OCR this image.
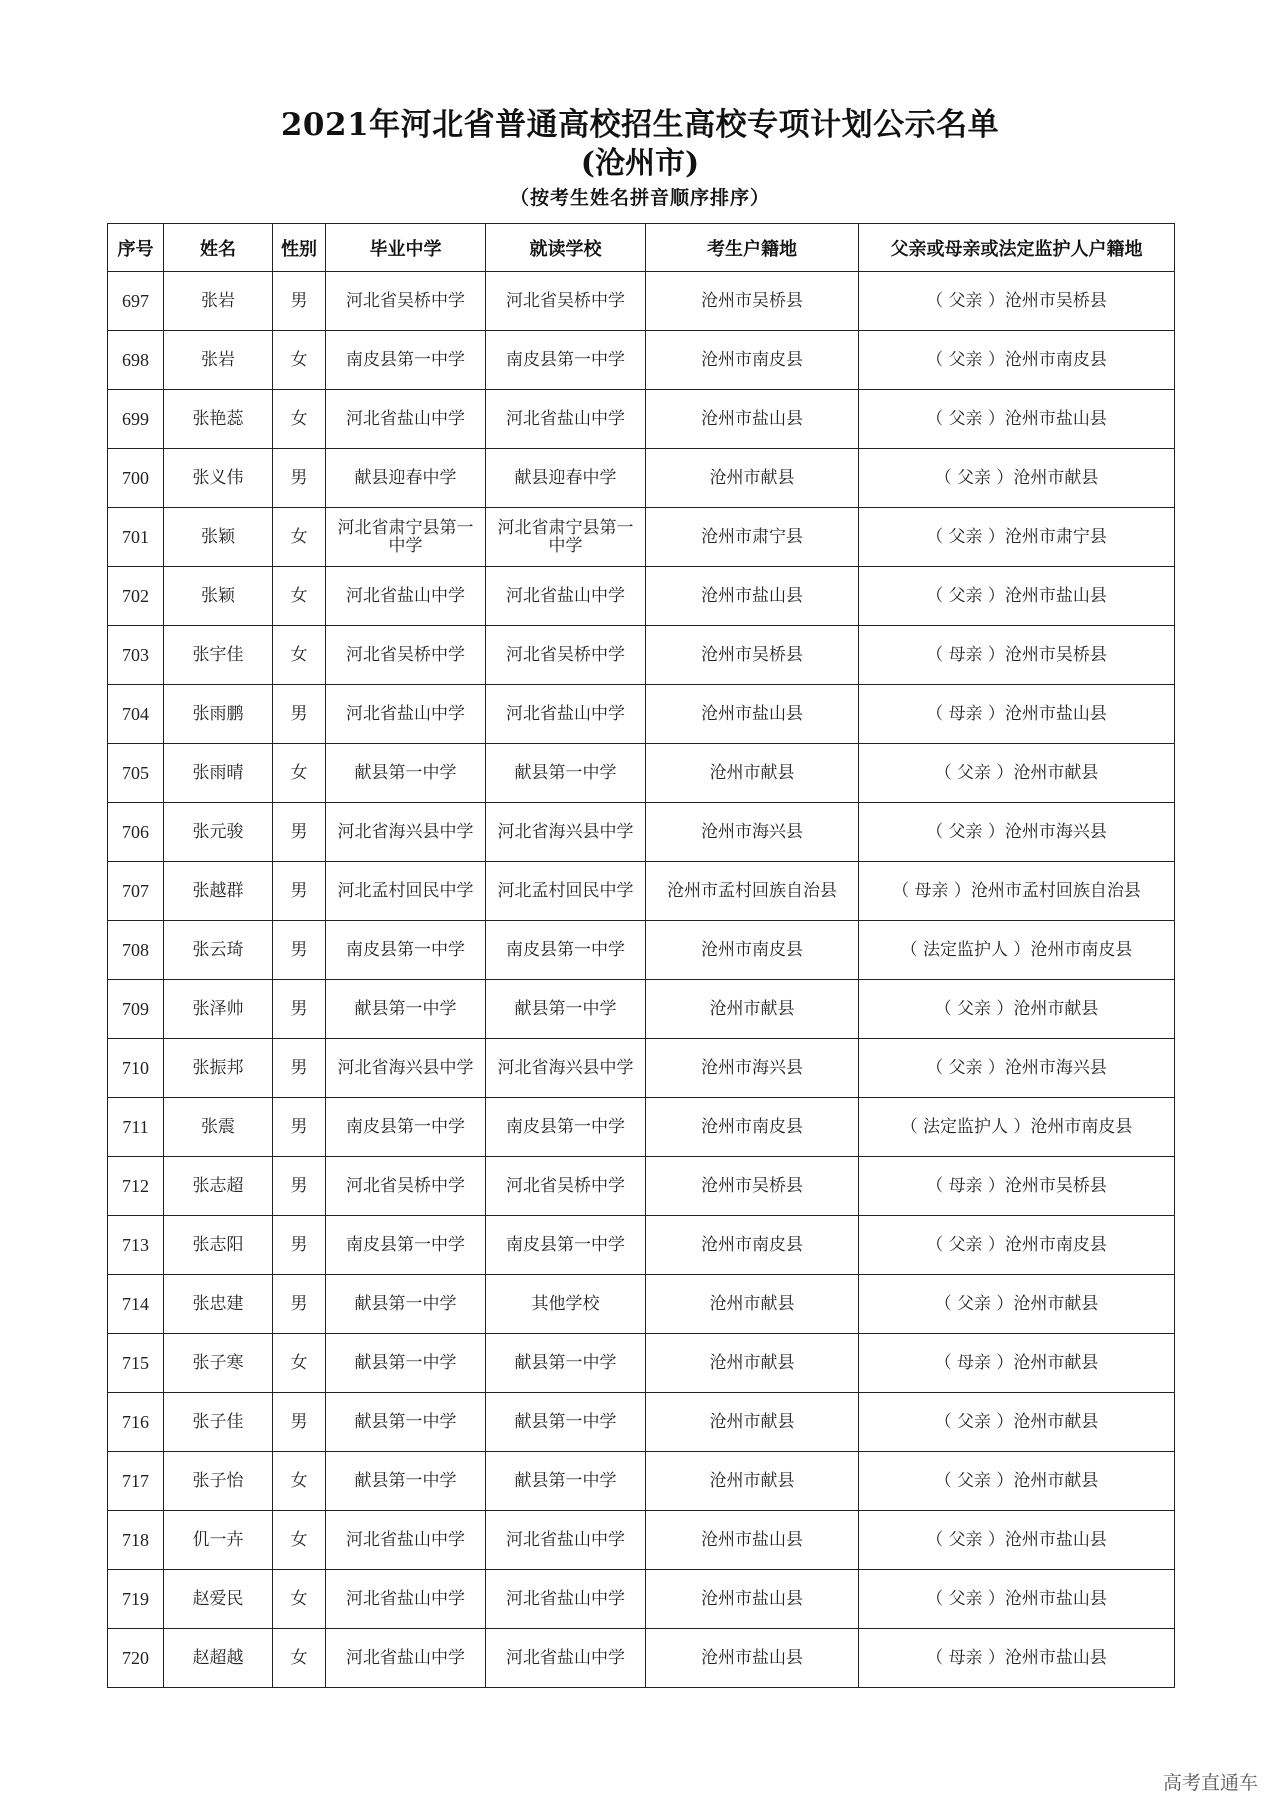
2021年河北省普通高校招生高校专项计划公示名单

(沧州市)

（按考生姓名拼音顺序排序）

序号	姓名	性别	毕业中学	就读学校	考生户籍地	父亲或母亲或法定监护人户籍地
697	张岩	男	河北省吴桥中学	河北省吴桥中学	沧州市吴桥县	（ 父亲 ）沧州市吴桥县
698	张岩	女	南皮县第一中学	南皮县第一中学	沧州市南皮县	（ 父亲 ）沧州市南皮县
699	张艳蕊	女	河北省盐山中学	河北省盐山中学	沧州市盐山县	（ 父亲 ）沧州市盐山县
700	张义伟	男	献县迎春中学	献县迎春中学	沧州市献县	（ 父亲 ）沧州市献县
701	张颖	女	河北省肃宁县第一中学	河北省肃宁县第一中学	沧州市肃宁县	（ 父亲 ）沧州市肃宁县
702	张颖	女	河北省盐山中学	河北省盐山中学	沧州市盐山县	（ 父亲 ）沧州市盐山县
703	张宇佳	女	河北省吴桥中学	河北省吴桥中学	沧州市吴桥县	（ 母亲 ）沧州市吴桥县
704	张雨鹏	男	河北省盐山中学	河北省盐山中学	沧州市盐山县	（ 母亲 ）沧州市盐山县
705	张雨晴	女	献县第一中学	献县第一中学	沧州市献县	（ 父亲 ）沧州市献县
706	张元骏	男	河北省海兴县中学	河北省海兴县中学	沧州市海兴县	（ 父亲 ）沧州市海兴县
707	张越群	男	河北孟村回民中学	河北孟村回民中学	沧州市孟村回族自治县	（ 母亲 ）沧州市孟村回族自治县
708	张云琦	男	南皮县第一中学	南皮县第一中学	沧州市南皮县	（ 法定监护人 ）沧州市南皮县
709	张泽帅	男	献县第一中学	献县第一中学	沧州市献县	（ 父亲 ）沧州市献县
710	张振邦	男	河北省海兴县中学	河北省海兴县中学	沧州市海兴县	（ 父亲 ）沧州市海兴县
711	张震	男	南皮县第一中学	南皮县第一中学	沧州市南皮县	（ 法定监护人 ）沧州市南皮县
712	张志超	男	河北省吴桥中学	河北省吴桥中学	沧州市吴桥县	（ 母亲 ）沧州市吴桥县
713	张志阳	男	南皮县第一中学	南皮县第一中学	沧州市南皮县	（ 父亲 ）沧州市南皮县
714	张忠建	男	献县第一中学	其他学校	沧州市献县	（ 父亲 ）沧州市献县
715	张子寒	女	献县第一中学	献县第一中学	沧州市献县	（ 母亲 ）沧州市献县
716	张子佳	男	献县第一中学	献县第一中学	沧州市献县	（ 父亲 ）沧州市献县
717	张子怡	女	献县第一中学	献县第一中学	沧州市献县	（ 父亲 ）沧州市献县
718	仉一卉	女	河北省盐山中学	河北省盐山中学	沧州市盐山县	（ 父亲 ）沧州市盐山县
719	赵爱民	女	河北省盐山中学	河北省盐山中学	沧州市盐山县	（ 父亲 ）沧州市盐山县
720	赵超越	女	河北省盐山中学	河北省盐山中学	沧州市盐山县	（ 母亲 ）沧州市盐山县
高考直通车
